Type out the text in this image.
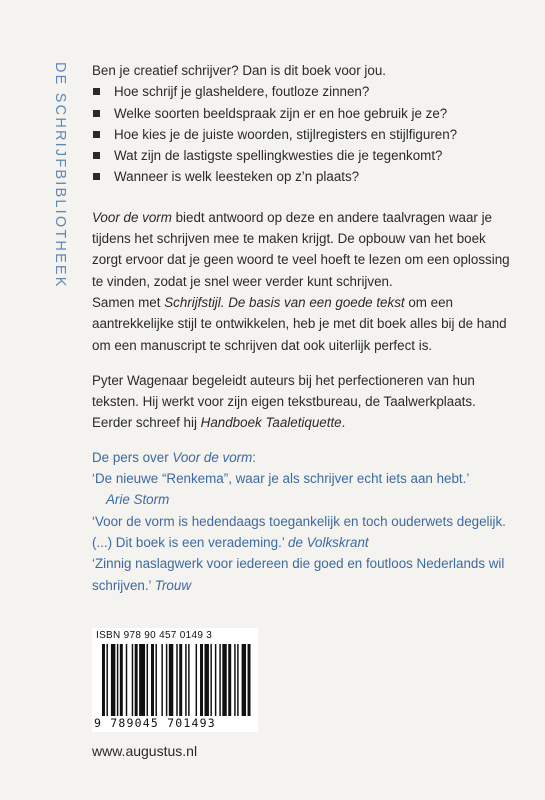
DE SCHRIJFBIBLIOTHEEK Ben je creatief schrijver? Dan is dit boek voor jou.

Hoe schrijf je glasheldere, foutloze zinnen?
Welke soorten beeldspraak zijn er en hoe gebruik je ze?
Hoe kies je de juiste woorden, stijlregisters en stijlfiguren?
Wat zijn de lastigste spellingkwesties die je tegenkomt?
Wanneer is welk leesteken op z’n plaats?

Voor de vorm biedt antwoord op deze en andere taalvragen waar je tijdens het schrijven mee te maken krijgt. De opbouw van het boek zorgt ervoor dat je geen woord te veel hoeft te lezen om een oplossing te vinden, zodat je snel weer verder kunt schrijven.

Samen met Schrijfstijl. De basis van een goede tekst om een aantrekkelijke stijl te ontwikkelen, heb je met dit boek alles bij de hand om een manuscript te schrijven dat ook uiterlijk perfect is.

Pyter Wagenaar begeleidt auteurs bij het perfectioneren van hun teksten. Hij werkt voor zijn eigen tekstbureau, de Taalwerkplaats. Eerder schreef hij Handboek Taaletiquette.

De pers over Voor de vorm:

‘De nieuwe “Renkema”, waar je als schrijver echt iets aan hebt.’

Arie Storm

‘Voor de vorm is hedendaags toegankelijk en toch ouderwets degelijk. (...) Dit boek is een verademing.’ de Volkskrant

‘Zinnig naslagwerk voor iedereen die goed en foutloos Nederlands wil schrijven.’ Trouw

ISBN 978 90 457 0149 3
9 789045 701493
www.augustus.nl
